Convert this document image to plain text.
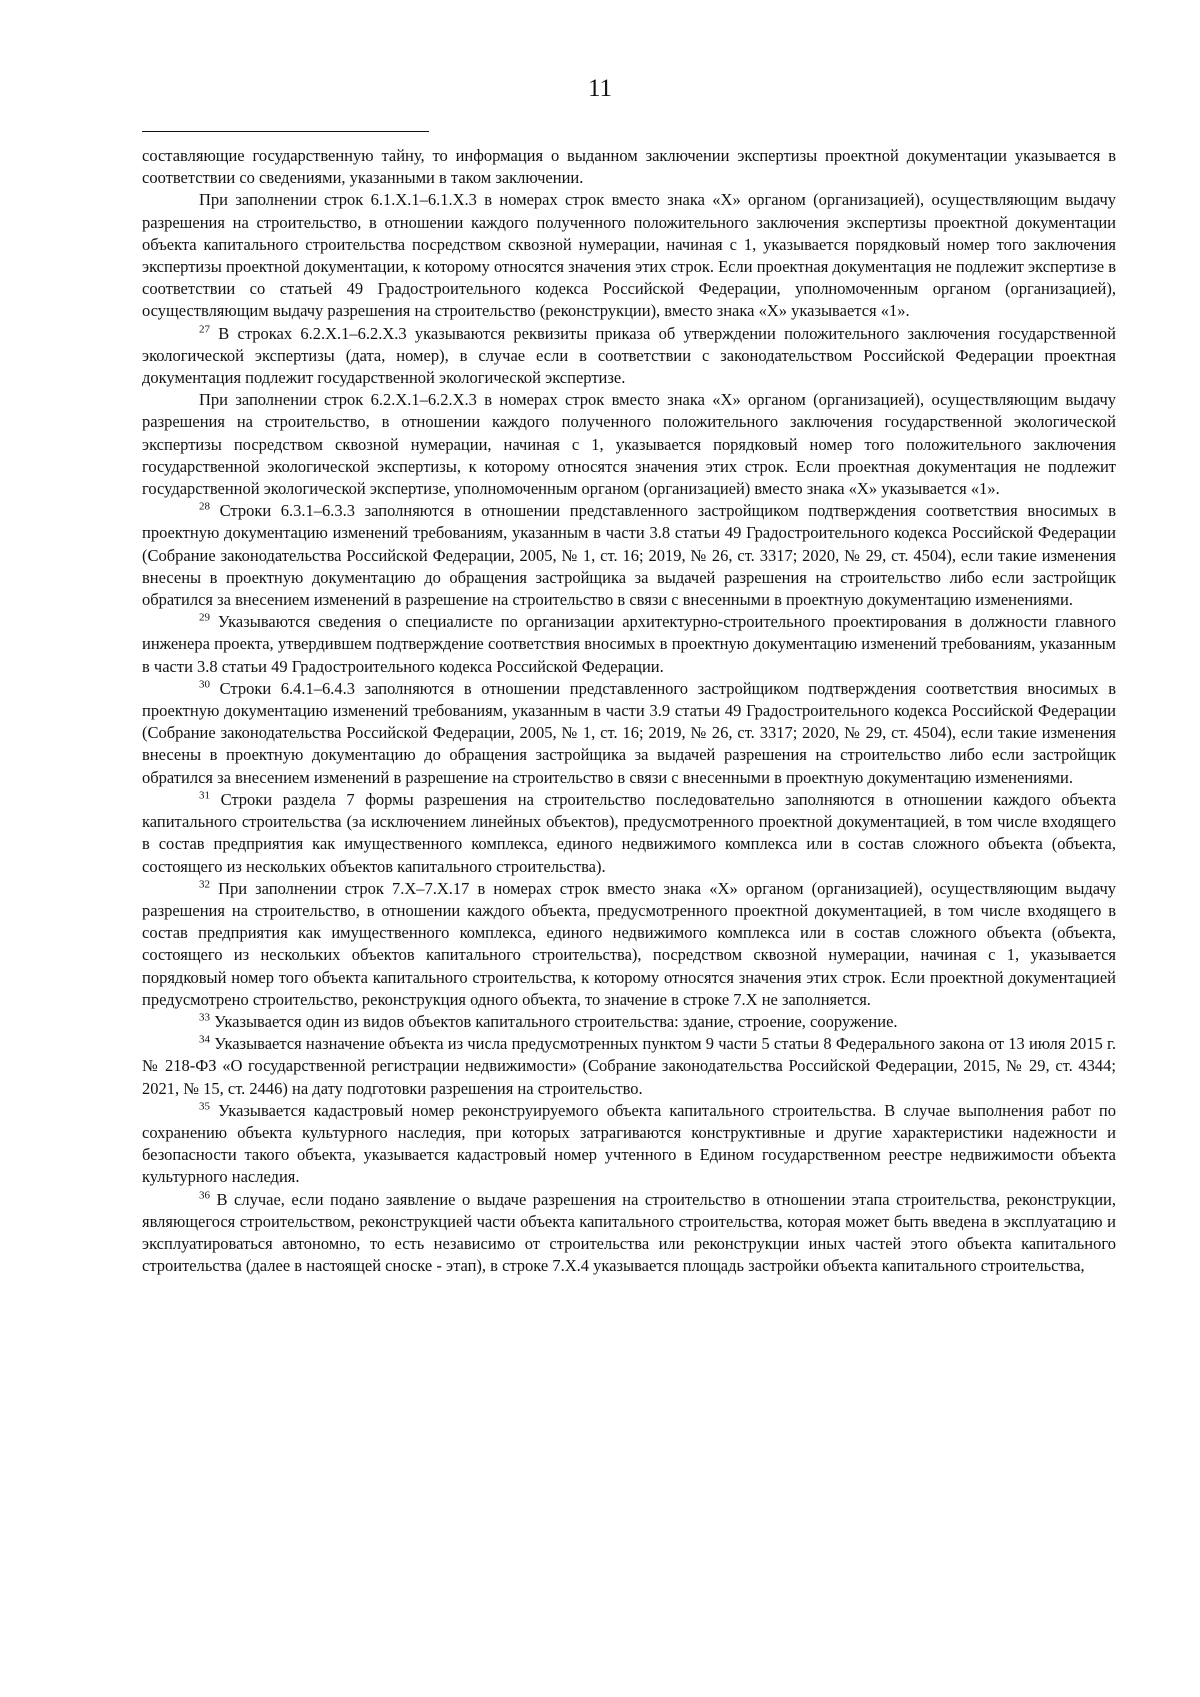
11

составляющие государственную тайну, то информация о выданном заключении экспертизы проектной документации указывается в соответствии со сведениями, указанными в таком заключении.

При заполнении строк 6.1.X.1–6.1.X.3 в номерах строк вместо знака «X» органом (организацией), осуществляющим выдачу разрешения на строительство, в отношении каждого полученного положительного заключения экспертизы проектной документации объекта капитального строительства посредством сквозной нумерации, начиная с 1, указывается порядковый номер того заключения экспертизы проектной документации, к которому относятся значения этих строк. Если проектная документация не подлежит экспертизе в соответствии со статьей 49 Градостроительного кодекса Российской Федерации, уполномоченным органом (организацией), осуществляющим выдачу разрешения на строительство (реконструкции), вместо знака «X» указывается «1».

$^{27}$ В строках 6.2.X.1–6.2.X.3 указываются реквизиты приказа об утверждении положительного заключения государственной экологической экспертизы (дата, номер), в случае если в соответствии с законодательством Российской Федерации проектная документация подлежит государственной экологической экспертизе.

При заполнении строк 6.2.X.1–6.2.X.3 в номерах строк вместо знака «X» органом (организацией), осуществляющим выдачу разрешения на строительство, в отношении каждого полученного положительного заключения государственной экологической экспертизы посредством сквозной нумерации, начиная с 1, указывается порядковый номер того положительного заключения государственной экологической экспертизы, к которому относятся значения этих строк. Если проектная документация не подлежит государственной экологической экспертизе, уполномоченным органом (организацией) вместо знака «X» указывается «1».

$^{28}$ Строки 6.3.1–6.3.3 заполняются в отношении представленного застройщиком подтверждения соответствия вносимых в проектную документацию изменений требованиям, указанным в части 3.8 статьи 49 Градостроительного кодекса Российской Федерации (Собрание законодательства Российской Федерации, 2005, № 1, ст. 16; 2019, № 26, ст. 3317; 2020, № 29, ст. 4504), если такие изменения внесены в проектную документацию до обращения застройщика за выдачей разрешения на строительство либо если застройщик обратился за внесением изменений в разрешение на строительство в связи с внесенными в проектную документацию изменениями.

$^{29}$ Указываются сведения о специалисте по организации архитектурно-строительного проектирования в должности главного инженера проекта, утвердившем подтверждение соответствия вносимых в проектную документацию изменений требованиям, указанным в части 3.8 статьи 49 Градостроительного кодекса Российской Федерации.

$^{30}$ Строки 6.4.1–6.4.3 заполняются в отношении представленного застройщиком подтверждения соответствия вносимых в проектную документацию изменений требованиям, указанным в части 3.9 статьи 49 Градостроительного кодекса Российской Федерации (Собрание законодательства Российской Федерации, 2005, № 1, ст. 16; 2019, № 26, ст. 3317; 2020, № 29, ст. 4504), если такие изменения внесены в проектную документацию до обращения застройщика за выдачей разрешения на строительство либо если застройщик обратился за внесением изменений в разрешение на строительство в связи с внесенными в проектную документацию изменениями.

$^{31}$ Строки раздела 7 формы разрешения на строительство последовательно заполняются в отношении каждого объекта капитального строительства (за исключением линейных объектов), предусмотренного проектной документацией, в том числе входящего в состав предприятия как имущественного комплекса, единого недвижимого комплекса или в состав сложного объекта (объекта, состоящего из нескольких объектов капитального строительства).

$^{32}$ При заполнении строк 7.X–7.X.17 в номерах строк вместо знака «X» органом (организацией), осуществляющим выдачу разрешения на строительство, в отношении каждого объекта, предусмотренного проектной документацией, в том числе входящего в состав предприятия как имущественного комплекса, единого недвижимого комплекса или в состав сложного объекта (объекта, состоящего из нескольких объектов капитального строительства), посредством сквозной нумерации, начиная с 1, указывается порядковый номер того объекта капитального строительства, к которому относятся значения этих строк. Если проектной документацией предусмотрено строительство, реконструкция одного объекта, то значение в строке 7.X не заполняется.

$^{33}$ Указывается один из видов объектов капитального строительства: здание, строение, сооружение.

$^{34}$ Указывается назначение объекта из числа предусмотренных пунктом 9 части 5 статьи 8 Федерального закона от 13 июля 2015 г. № 218-ФЗ «О государственной регистрации недвижимости» (Собрание законодательства Российской Федерации, 2015, № 29, ст. 4344; 2021, № 15, ст. 2446) на дату подготовки разрешения на строительство.

$^{35}$ Указывается кадастровый номер реконструируемого объекта капитального строительства. В случае выполнения работ по сохранению объекта культурного наследия, при которых затрагиваются конструктивные и другие характеристики надежности и безопасности такого объекта, указывается кадастровый номер учтенного в Едином государственном реестре недвижимости объекта культурного наследия.

$^{36}$ В случае, если подано заявление о выдаче разрешения на строительство в отношении этапа строительства, реконструкции, являющегося строительством, реконструкцией части объекта капитального строительства, которая может быть введена в эксплуатацию и эксплуатироваться автономно, то есть независимо от строительства или реконструкции иных частей этого объекта капитального строительства (далее в настоящей сноске - этап), в строке 7.X.4 указывается площадь застройки объекта капитального строительства,
